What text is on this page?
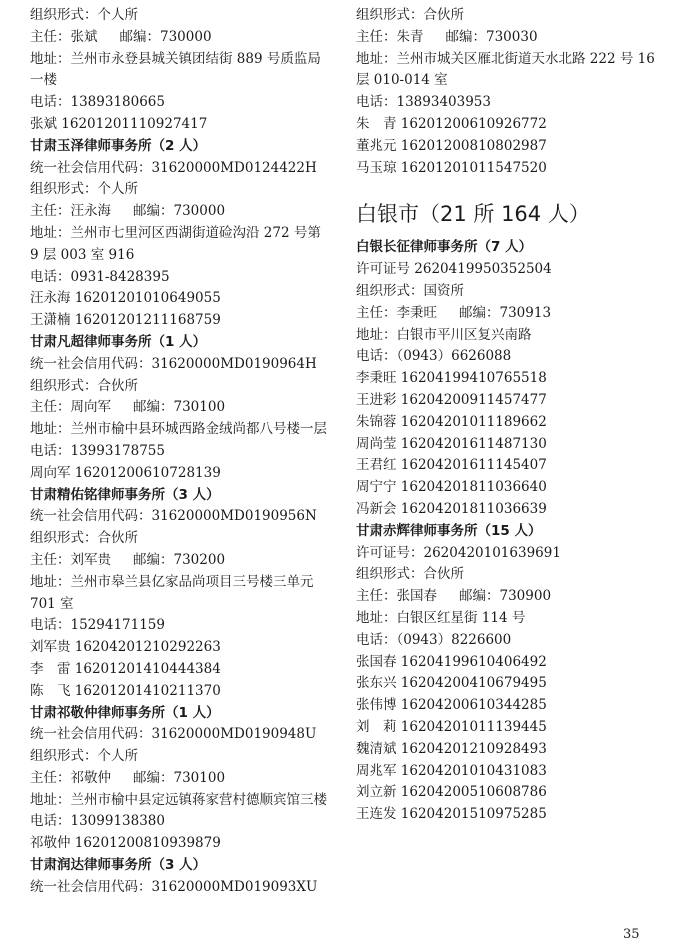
组织形式：个人所
主任：张斌 邮编：730000
地址：兰州市永登县城关镇团结街 889 号质监局一楼
电话：13893180665
张斌 16201201110927417
甘肃玉泽律师事务所（2 人）
统一社会信用代码：31620000MD0124422H
组织形式：个人所
主任：汪永海 邮编：730000
地址：兰州市七里河区西湖街道硷沟沿 272 号第 9 层 003 室 916
电话：0931-8428395
汪永海 16201201010649055
王潇楠 16201201211168759
甘肃凡超律师事务所（1 人）
统一社会信用代码：31620000MD0190964H
组织形式：合伙所
主任：周向军 邮编：730100
地址：兰州市榆中县环城西路金绒尚都八号楼一层
电话：13993178755
周向军 16201200610728139
甘肃精佑铭律师事务所（3 人）
统一社会信用代码：31620000MD0190956N
组织形式：合伙所
主任：刘军贵 邮编：730200
地址：兰州市皋兰县亿家品尚项目三号楼三单元 701 室
电话：15294171159
刘军贵 16204201210292263
李　雷 16201201410444384
陈　飞 16201201410211370
甘肃祁敬仲律师事务所（1 人）
统一社会信用代码：31620000MD0190948U
组织形式：个人所
主任：祁敬仲 邮编：730100
地址：兰州市榆中县定远镇蒋家营村德顺宾馆三楼
电话：13099138380
祁敬仲 16201200810939879
甘肃润达律师事务所（3 人）
统一社会信用代码：31620000MD019093XU
组织形式：合伙所
主任：朱青 邮编：730030
地址：兰州市城关区雁北街道天水北路 222 号 16 层 010-014 室
电话：13893403953
朱　青 16201200610926772
董兆元 16201200810802987
马玉琼 16201201011547520
白银市（21 所 164 人）
白银长征律师事务所（7 人）
许可证号 2620419950352504
组织形式：国资所
主任：李秉旺 邮编：730913
地址：白银市平川区复兴南路
电话：（0943）6626088
李秉旺 16204199410765518
王进彩 16204200911457477
朱锦蓉 16204201011189662
周尚莹 16204201611487130
王君红 16204201611145407
周宁宁 16204201811036640
冯新会 16204201811036639
甘肃赤辉律师事务所（15 人）
许可证号：2620420101639691
组织形式：合伙所
主任：张国春 邮编：730900
地址：白银区红星街 114 号
电话：（0943）8226600
张国春 16204199610406492
张东兴 16204200410679495
张伟博 16204200610344285
刘　莉 16204201011139445
魏清斌 16204201210928493
周兆军 16204201010431083
刘立新 16204200510608786
王连发 16204201510975285
35
